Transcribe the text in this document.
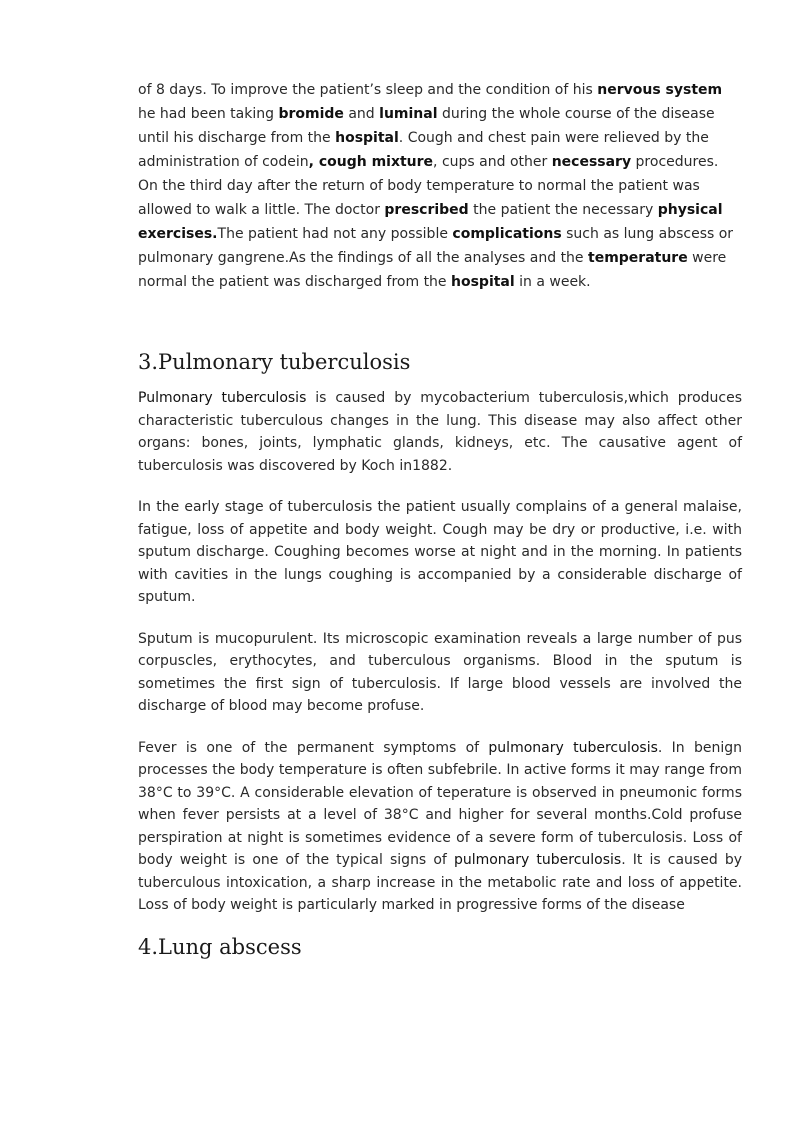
of 8 days. To improve the patient’s sleep and the condition of his nervous system he had been taking bromide and luminal during the whole course of the disease until his discharge from the hospital. Cough and chest pain were relieved by the administration of codein, cough mixture, cups and other necessary procedures. On the third day after the return of body temperature to normal the patient was allowed to walk a little. The doctor prescribed the patient the necessary physical exercises.The patient had not any possible complications such as lung abscess or pulmonary gangrene.As the findings of all the analyses and the temperature were normal the patient was discharged from the hospital in a week.

3.Pulmonary tuberculosis

Pulmonary tuberculosis is caused by mycobacterium tuberculosis,which produces characteristic tuberculous changes in the lung. This disease may also affect other organs: bones, joints, lymphatic glands, kidneys, etc. The causative agent of tuberculosis was discovered by Koch in1882.

In the early stage of tuberculosis the patient usually complains of a general malaise, fatigue, loss of appetite and body weight. Cough may be dry or productive, i.e. with sputum discharge. Coughing becomes worse at night and in the morning. In patients with cavities in the lungs coughing is accompanied by a considerable discharge of sputum.

Sputum is mucopurulent. Its microscopic examination reveals a large number of pus corpuscles, erythocytes, and tuberculous organisms. Blood in the sputum is sometimes the first sign of tuberculosis. If large blood vessels are involved the discharge of blood may become profuse.

Fever is one of the permanent symptoms of pulmonary tuberculosis. In benign processes the body temperature is often subfebrile. In active forms it may range from 38°C to 39°C. A considerable elevation of teperature is observed in pneumonic forms when fever persists at a level of 38°C and higher for several months.Cold profuse perspiration at night is sometimes evidence of a severe form of tuberculosis. Loss of body weight is one of the typical signs of pulmonary tuberculosis. It is caused by tuberculous intoxication, a sharp increase in the metabolic rate and loss of appetite. Loss of body weight is particularly marked in progressive forms of the disease

4.Lung abscess
